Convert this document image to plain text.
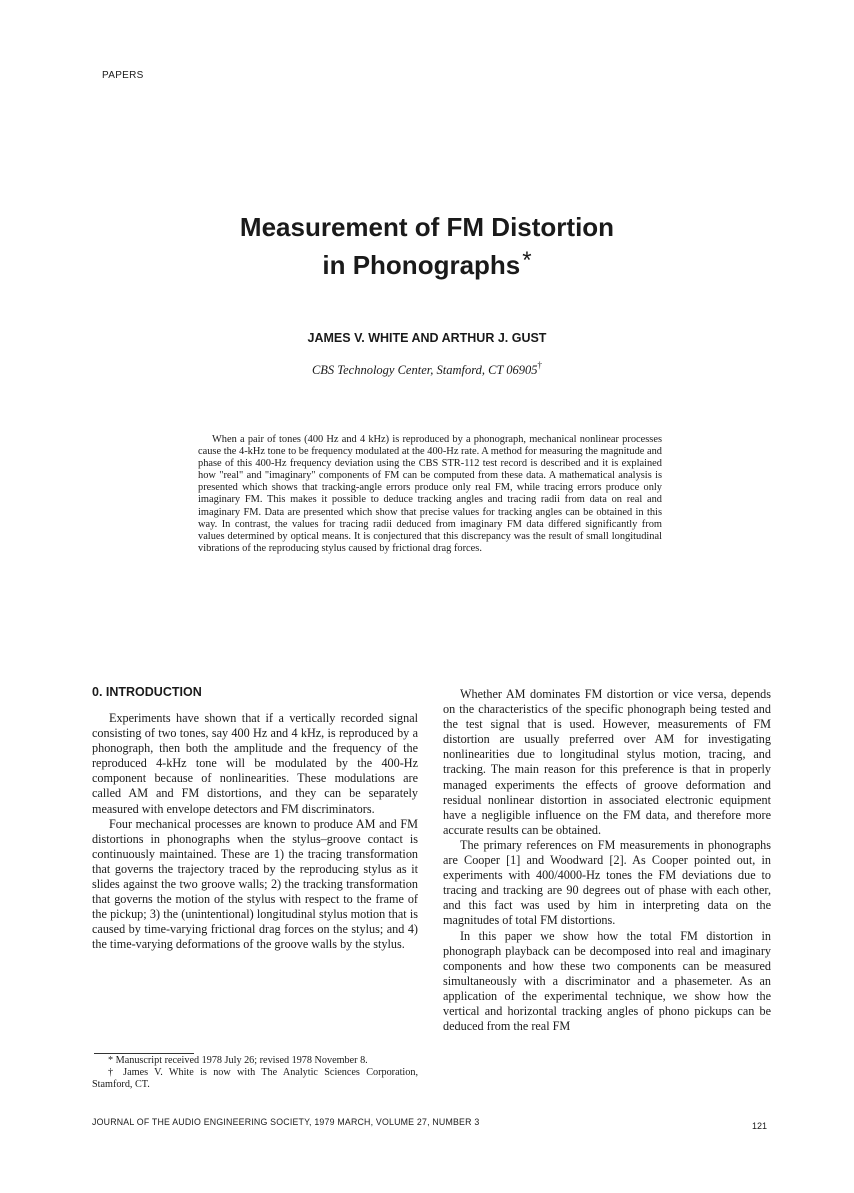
PAPERS
Measurement of FM Distortion
in Phonographs*
JAMES V. WHITE AND ARTHUR J. GUST
CBS Technology Center, Stamford, CT 06905†
When a pair of tones (400 Hz and 4 kHz) is reproduced by a phonograph, mechanical nonlinear processes cause the 4-kHz tone to be frequency modulated at the 400-Hz rate. A method for measuring the magnitude and phase of this 400-Hz frequency deviation using the CBS STR-112 test record is described and it is explained how "real" and "imaginary" components of FM can be computed from these data. A mathematical analysis is presented which shows that tracking-angle errors produce only real FM, while tracing errors produce only imaginary FM. This makes it possible to deduce tracking angles and tracing radii from data on real and imaginary FM. Data are presented which show that precise values for tracking angles can be obtained in this way. In contrast, the values for tracing radii deduced from imaginary FM data differed significantly from values determined by optical means. It is conjectured that this discrepancy was the result of small longitudinal vibrations of the reproducing stylus caused by frictional drag forces.
0. INTRODUCTION

Experiments have shown that if a vertically recorded signal consisting of two tones, say 400 Hz and 4 kHz, is reproduced by a phonograph, then both the amplitude and the frequency of the reproduced 4-kHz tone will be modulated by the 400-Hz component because of nonlinearities. These modulations are called AM and FM distortions, and they can be separately measured with envelope detectors and FM discriminators.

Four mechanical processes are known to produce AM and FM distortions in phonographs when the stylus–groove contact is continuously maintained. These are 1) the tracing transformation that governs the trajectory traced by the reproducing stylus as it slides against the two groove walls; 2) the tracking transformation that governs the motion of the stylus with respect to the frame of the pickup; 3) the (unintentional) longitudinal stylus motion that is caused by time-varying frictional drag forces on the stylus; and 4) the time-varying deformations of the groove walls by the stylus.

Whether AM dominates FM distortion or vice versa, depends on the characteristics of the specific phonograph being tested and the test signal that is used. However, measurements of FM distortion are usually preferred over AM for investigating nonlinearities due to longitudinal stylus motion, tracing, and tracking. The main reason for this preference is that in properly managed experiments the effects of groove deformation and residual nonlinear distortion in associated electronic equipment have a negligible influence on the FM data, and therefore more accurate results can be obtained.

The primary references on FM measurements in phonographs are Cooper [1] and Woodward [2]. As Cooper pointed out, in experiments with 400/4000-Hz tones the FM deviations due to tracing and tracking are 90 degrees out of phase with each other, and this fact was used by him in interpreting data on the magnitudes of total FM distortions.

In this paper we show how the total FM distortion in phonograph playback can be decomposed into real and imaginary components and how these two components can be measured simultaneously with a discriminator and a phasemeter. As an application of the experimental technique, we show how the vertical and horizontal tracking angles of phono pickups can be deduced from the real FM

* Manuscript received 1978 July 26; revised 1978 November 8.

† James V. White is now with The Analytic Sciences Corporation, Stamford, CT.

JOURNAL OF THE AUDIO ENGINEERING SOCIETY, 1979 MARCH, VOLUME 27, NUMBER 3	121
